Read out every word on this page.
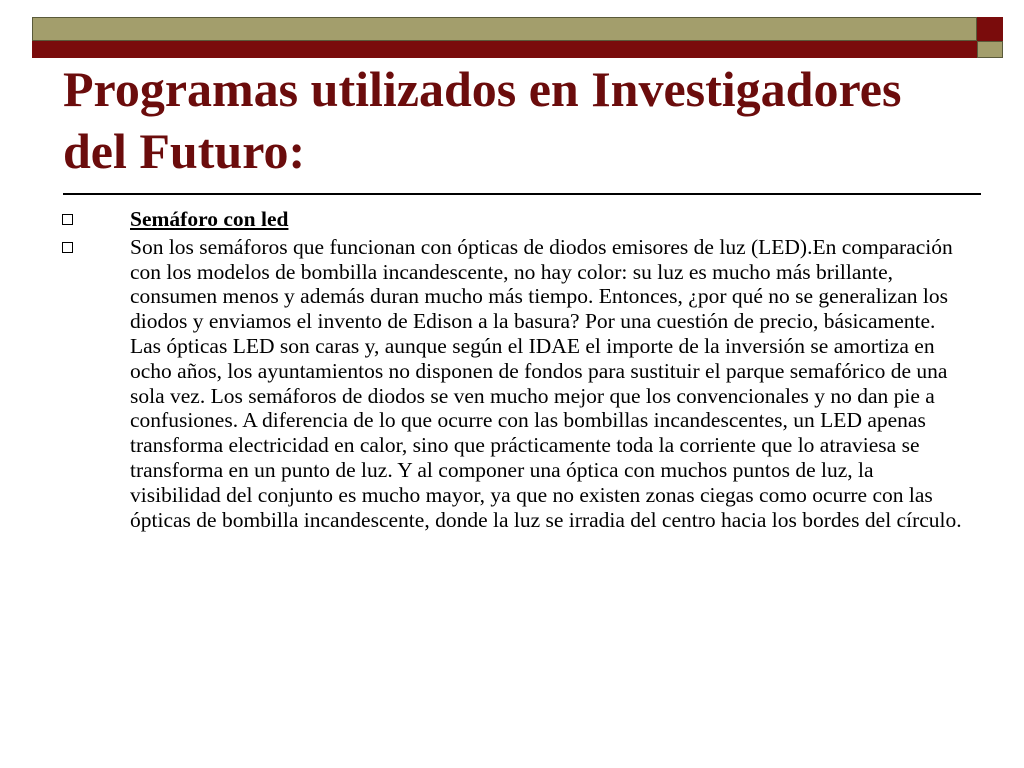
Programas utilizados en Investigadores del Futuro:
Semáforo con led
Son los semáforos que funcionan con ópticas de diodos emisores de luz (LED).En comparación con los modelos de bombilla incandescente, no hay color: su luz es mucho más brillante, consumen menos y además duran mucho más tiempo. Entonces, ¿por qué no se generalizan los diodos y enviamos el invento de Edison a la basura? Por una cuestión de precio, básicamente. Las ópticas LED son caras y, aunque según el IDAE el importe de la inversión se amortiza en ocho años, los ayuntamientos no disponen de fondos para sustituir el parque semafórico de una sola vez. Los semáforos de diodos se ven mucho mejor que los convencionales y no dan pie a confusiones. A diferencia de lo que ocurre con las bombillas incandescentes, un LED apenas transforma electricidad en calor, sino que prácticamente toda la corriente que lo atraviesa se transforma en un punto de luz. Y al componer una óptica con muchos puntos de luz, la visibilidad del conjunto es mucho mayor, ya que no existen zonas ciegas como ocurre con las ópticas de bombilla incandescente, donde la luz se irradia del centro hacia los bordes del círculo.
